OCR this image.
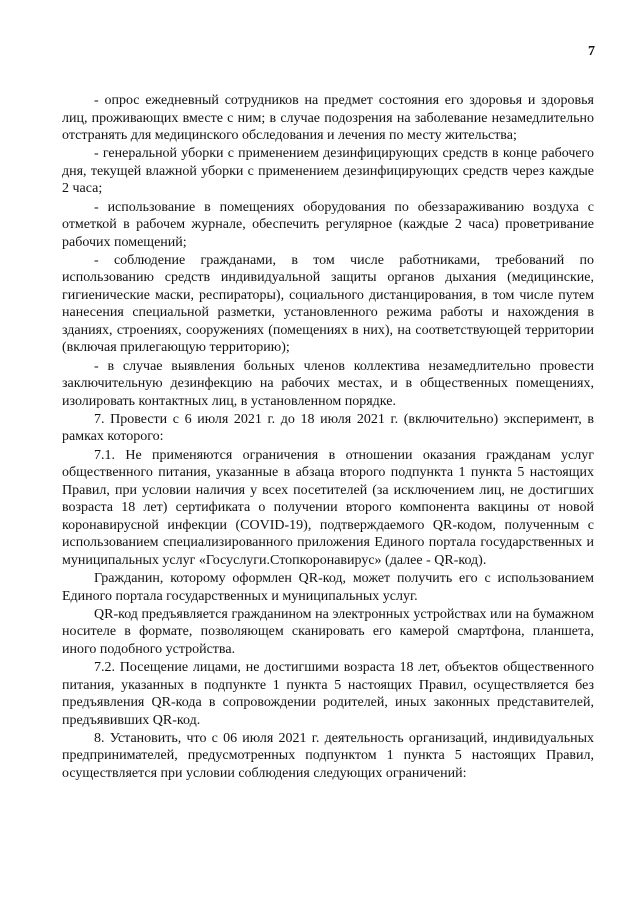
7

- опрос ежедневный сотрудников на предмет состояния его здоровья и здоровья лиц, проживающих вместе с ним; в случае подозрения на заболевание незамедлительно отстранять для медицинского обследования и лечения по месту жительства;

- генеральной уборки с применением дезинфицирующих средств в конце рабочего дня, текущей влажной уборки с применением дезинфицирующих средств через каждые 2 часа;

- использование в помещениях оборудования по обеззараживанию воздуха с отметкой в рабочем журнале, обеспечить регулярное (каждые 2 часа) проветривание рабочих помещений;

- соблюдение гражданами, в том числе работниками, требований по использованию средств индивидуальной защиты органов дыхания (медицинские, гигиенические маски, респираторы), социального дистанцирования, в том числе путем нанесения специальной разметки, установленного режима работы и нахождения в зданиях, строениях, сооружениях (помещениях в них), на соответствующей территории (включая прилегающую территорию);

- в случае выявления больных членов коллектива незамедлительно провести заключительную дезинфекцию на рабочих местах, и в общественных помещениях, изолировать контактных лиц, в установленном порядке.

7. Провести с 6 июля 2021 г. до 18 июля 2021 г. (включительно) эксперимент, в рамках которого:

7.1. Не применяются ограничения в отношении оказания гражданам услуг общественного питания, указанные в абзаца второго подпункта 1 пункта 5 настоящих Правил, при условии наличия у всех посетителей (за исключением лиц, не достигших возраста 18 лет) сертификата о получении второго компонента вакцины от новой коронавирусной инфекции (COVID-19), подтверждаемого QR-кодом, полученным с использованием специализированного приложения Единого портала государственных и муниципальных услуг «Госуслуги.Стопкоронавирус» (далее - QR-код).

Гражданин, которому оформлен QR-код, может получить его с использованием Единого портала государственных и муниципальных услуг.

QR-код предъявляется гражданином на электронных устройствах или на бумажном носителе в формате, позволяющем сканировать его камерой смартфона, планшета, иного подобного устройства.

7.2. Посещение лицами, не достигшими возраста 18 лет, объектов общественного питания, указанных в подпункте 1 пункта 5 настоящих Правил, осуществляется без предъявления QR-кода в сопровождении родителей, иных законных представителей, предъявивших QR-код.

8. Установить, что с 06 июля 2021 г. деятельность организаций, индивидуальных предпринимателей, предусмотренных подпунктом 1 пункта 5 настоящих Правил, осуществляется при условии соблюдения следующих ограничений:
